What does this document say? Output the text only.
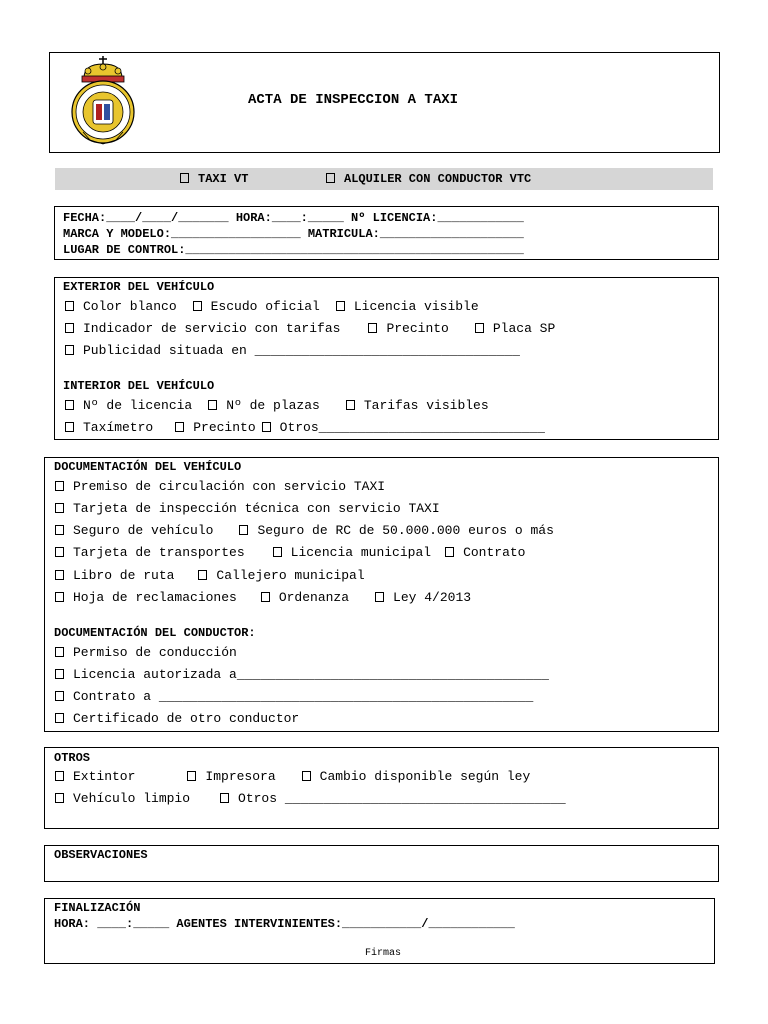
ACTA DE INSPECCION A TAXI
TAXI VT	ALQUILER CON CONDUCTOR VTC
FECHA:____/____/_______ HORA:____:_____ Nº LICENCIA:____________
MARCA Y MODELO:__________________ MATRICULA:____________________
LUGAR DE CONTROL:_______________________________________________
EXTERIOR DEL VEHÍCULO
Color blanco	Escudo oficial	Licencia visible
Indicador de servicio con tarifas	Precinto	Placa SP
Publicidad situada en __________________________________
INTERIOR DEL VEHÍCULO
Nº de licencia	Nº de plazas	Tarifas visibles
Taxímetro	Precinto Otros_____________________________
DOCUMENTACIÓN DEL VEHÍCULO
Premiso de circulación con servicio TAXI
Tarjeta de inspección técnica con servicio TAXI
Seguro de vehículo	Seguro de RC de 50.000.000 euros o más
Tarjeta de transportes	Licencia municipal Contrato
Libro de ruta	Callejero municipal
Hoja de reclamaciones	Ordenanza	Ley 4/2013
DOCUMENTACIÓN DEL CONDUCTOR:
Permiso de conducción
Licencia autorizada a________________________________________
Contrato a ________________________________________________
Certificado de otro conductor
OTROS
Extintor	Impresora	Cambio disponible según ley
Vehículo limpio	Otros ____________________________________
OBSERVACIONES
FINALIZACIÓN
HORA: ____:_____ AGENTES INTERVINIENTES:___________/____________
Firmas
